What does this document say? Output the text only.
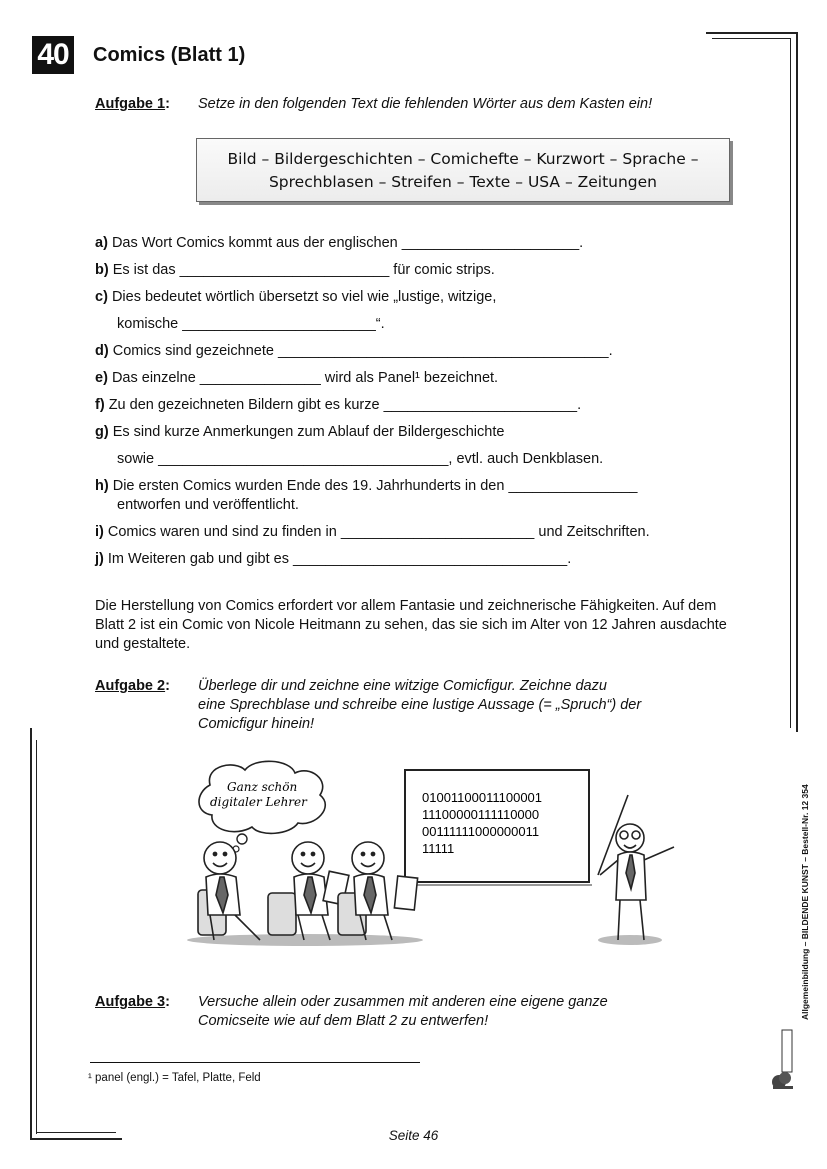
40 Comics (Blatt 1)
Aufgabe 1: Setze in den folgenden Text die fehlenden Wörter aus dem Kasten ein!
Bild – Bildergeschichten – Comichefte – Kurzwort – Sprache –
Sprechblasen – Streifen – Texte – USA – Zeitungen
a) Das Wort Comics kommt aus der englischen ______________________.
b) Es ist das __________________________ für comic strips.
c) Dies bedeutet wörtlich übersetzt so viel wie „lustige, witzige,
komische ________________________“.
d) Comics sind gezeichnete _________________________________________.
e) Das einzelne _______________ wird als Panel¹ bezeichnet.
f) Zu den gezeichneten Bildern gibt es kurze ________________________.
g) Es sind kurze Anmerkungen zum Ablauf der Bildergeschichte
sowie ____________________________________, evtl. auch Denkblasen.
h) Die ersten Comics wurden Ende des 19. Jahrhunderts in den ________________
entworfen und veröffentlicht.
i) Comics waren und sind zu finden in ________________________ und Zeitschriften.
j) Im Weiteren gab und gibt es __________________________________.
Die Herstellung von Comics erfordert vor allem Fantasie und zeichnerische Fähigkeiten. Auf dem Blatt 2 ist ein Comic von Nicole Heitmann zu sehen, das sie sich im Alter von 12 Jahren ausdachte und gestaltete.
Aufgabe 2: Überlege dir und zeichne eine witzige Comicfigur. Zeichne dazu
eine Sprechblase und schreibe eine lustige Aussage (= „Spruch“) der
Comicfigur hinein!
Ganz schön
digitaler Lehrer	01001100011100001
11100000111110000
00111111000000011
11111
Aufgabe 3: Versuche allein oder zusammen mit anderen eine eigene ganze
Comicseite wie auf dem Blatt 2 zu entwerfen!
¹ panel (engl.) = Tafel, Platte, Feld
Allgemeinbildung – BILDENDE KUNST – Bestell-Nr. 12 354
Seite 46
